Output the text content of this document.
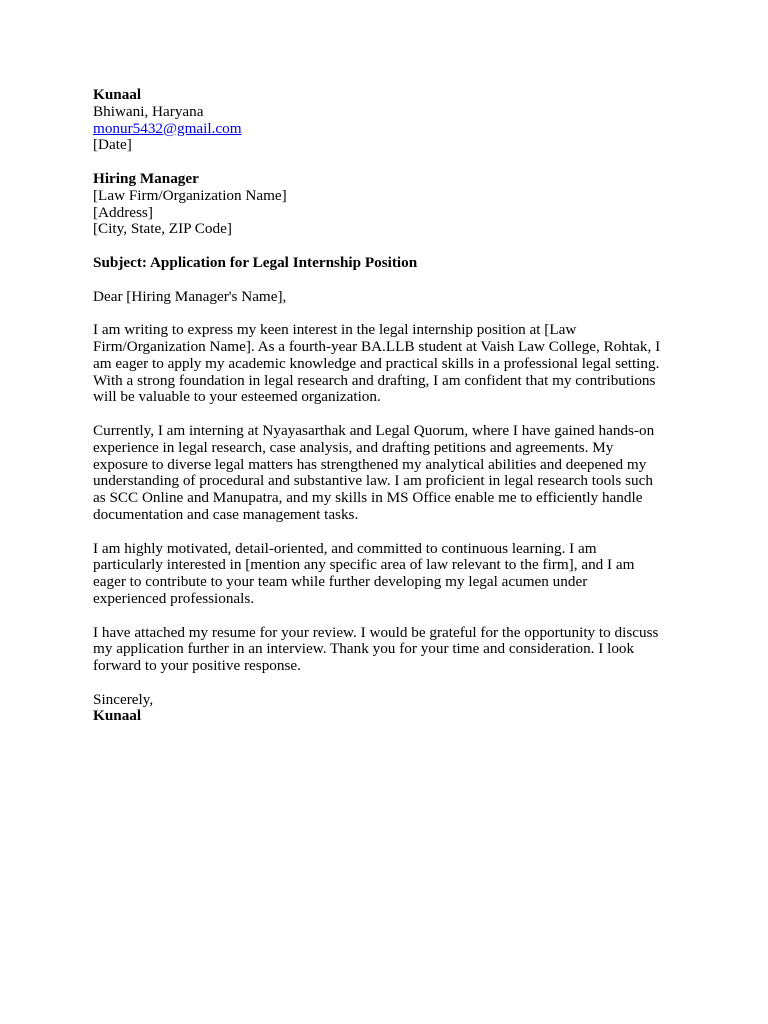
Kunaal
Bhiwani, Haryana
monur5432@gmail.com
[Date]
Hiring Manager
[Law Firm/Organization Name]
[Address]
[City, State, ZIP Code]
Subject: Application for Legal Internship Position
Dear [Hiring Manager's Name],

I am writing to express my keen interest in the legal internship position at [Law
Firm/Organization Name]. As a fourth-year BA.LLB student at Vaish Law College, Rohtak, I
am eager to apply my academic knowledge and practical skills in a professional legal setting.
With a strong foundation in legal research and drafting, I am confident that my contributions
will be valuable to your esteemed organization.

Currently, I am interning at Nyayasarthak and Legal Quorum, where I have gained hands-on
experience in legal research, case analysis, and drafting petitions and agreements. My
exposure to diverse legal matters has strengthened my analytical abilities and deepened my
understanding of procedural and substantive law. I am proficient in legal research tools such
as SCC Online and Manupatra, and my skills in MS Office enable me to efficiently handle
documentation and case management tasks.

I am highly motivated, detail-oriented, and committed to continuous learning. I am
particularly interested in [mention any specific area of law relevant to the firm], and I am
eager to contribute to your team while further developing my legal acumen under
experienced professionals.

I have attached my resume for your review. I would be grateful for the opportunity to discuss
my application further in an interview. Thank you for your time and consideration. I look
forward to your positive response.

Sincerely,
Kunaal
